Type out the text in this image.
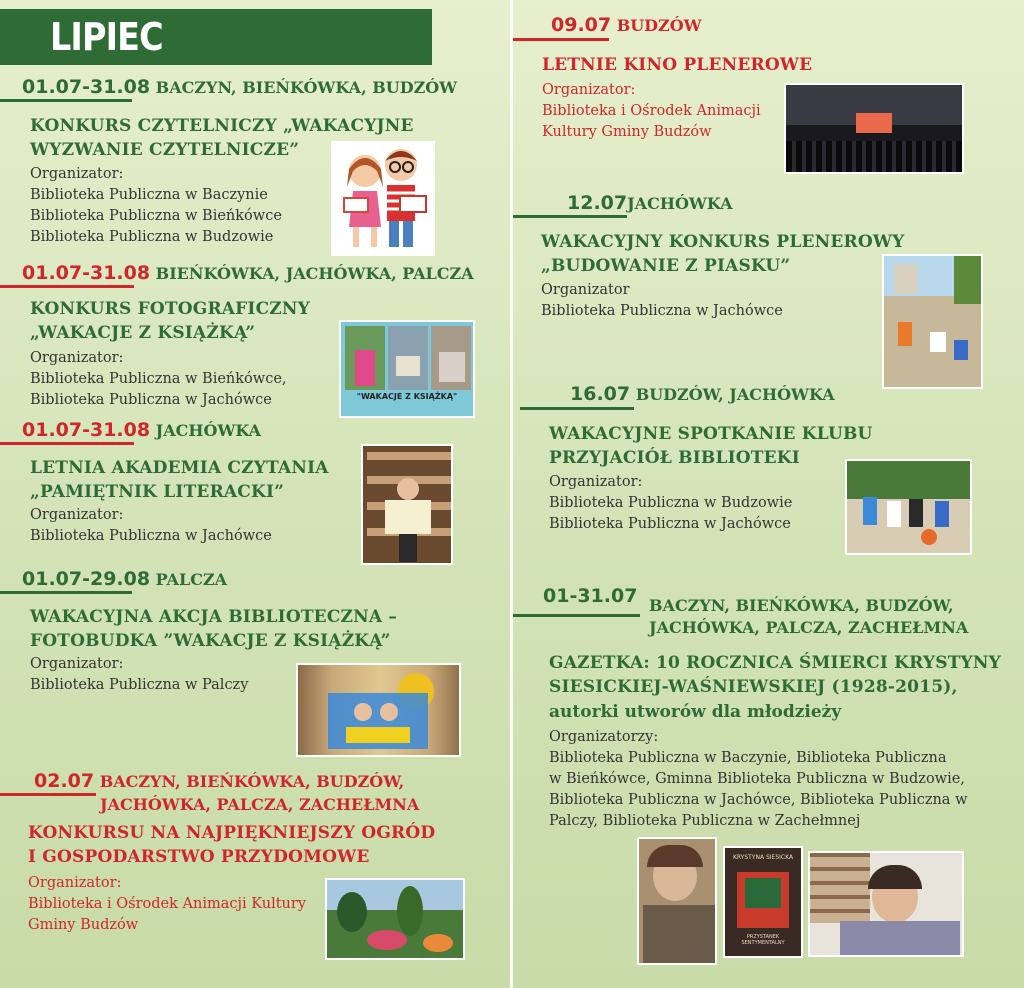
LIPIEC
01.07-31.08 BACZYN, BIEŃKÓWKA, BUDZÓW
KONKURS CZYTELNICZY „WAKACYJNE
WYZWANIE CZYTELNICZE”
Organizator:
Biblioteka Publiczna w Baczynie
Biblioteka Publiczna w Bieńkówce
Biblioteka Publiczna w Budzowie
01.07-31.08 BIEŃKÓWKA, JACHÓWKA, PALCZA
KONKURS FOTOGRAFICZNY
„WAKACJE Z KSIĄŻKĄ”
Organizator:
Biblioteka Publiczna w Bieńkówce,
Biblioteka Publiczna w Jachówce	"WAKACJE Z KSIĄŻKĄ"
01.07-31.08 JACHÓWKA
LETNIA AKADEMIA CZYTANIA
„PAMIĘTNIK LITERACKI”
Organizator:
Biblioteka Publiczna w Jachówce
01.07-29.08 PALCZA
WAKACYJNA AKCJA BIBLIOTECZNA –
FOTOBUDKA ”WAKACJE Z KSIĄŻKĄ”
Organizator:
Biblioteka Publiczna w Palczy
02.07 BACZYN, BIEŃKÓWKA, BUDZÓW,
JACHÓWKA, PALCZA, ZACHEŁMNA
KONKURSU NA NAJPIĘKNIEJSZY OGRÓD
I GOSPODARSTWO PRZYDOMOWE
Organizator:
Biblioteka i Ośrodek Animacji Kultury
Gminy Budzów
09.07 BUDZÓW
LETNIE KINO PLENEROWE
Organizator:
Biblioteka i Ośrodek Animacji
Kultury Gminy Budzów
12.07JACHÓWKA
WAKACYJNY KONKURS PLENEROWY
„BUDOWANIE Z PIASKU”
Organizator
Biblioteka Publiczna w Jachówce
16.07 BUDZÓW, JACHÓWKA
WAKACYJNE SPOTKANIE KLUBU
PRZYJACIÓŁ BIBLIOTEKI
Organizator:
Biblioteka Publiczna w Budzowie
Biblioteka Publiczna w Jachówce
01-31.07 BACZYN, BIEŃKÓWKA, BUDZÓW,
JACHÓWKA, PALCZA, ZACHEŁMNA
GAZETKA: 10 ROCZNICA ŚMIERCI KRYSTYNY
SIESICKIEJ-WAŚNIEWSKIEJ (1928-2015),
autorki utworów dla młodzieży
Organizatorzy:
Biblioteka Publiczna w Baczynie, Biblioteka Publiczna
w Bieńkówce, Gminna Biblioteka Publiczna w Budzowie,
Biblioteka Publiczna w Jachówce, Biblioteka Publiczna w
Palczy, Biblioteka Publiczna w Zachełmnej
KRYSTYNA SIESICKA
PRZYSTANEK SENTYMENTALNY
